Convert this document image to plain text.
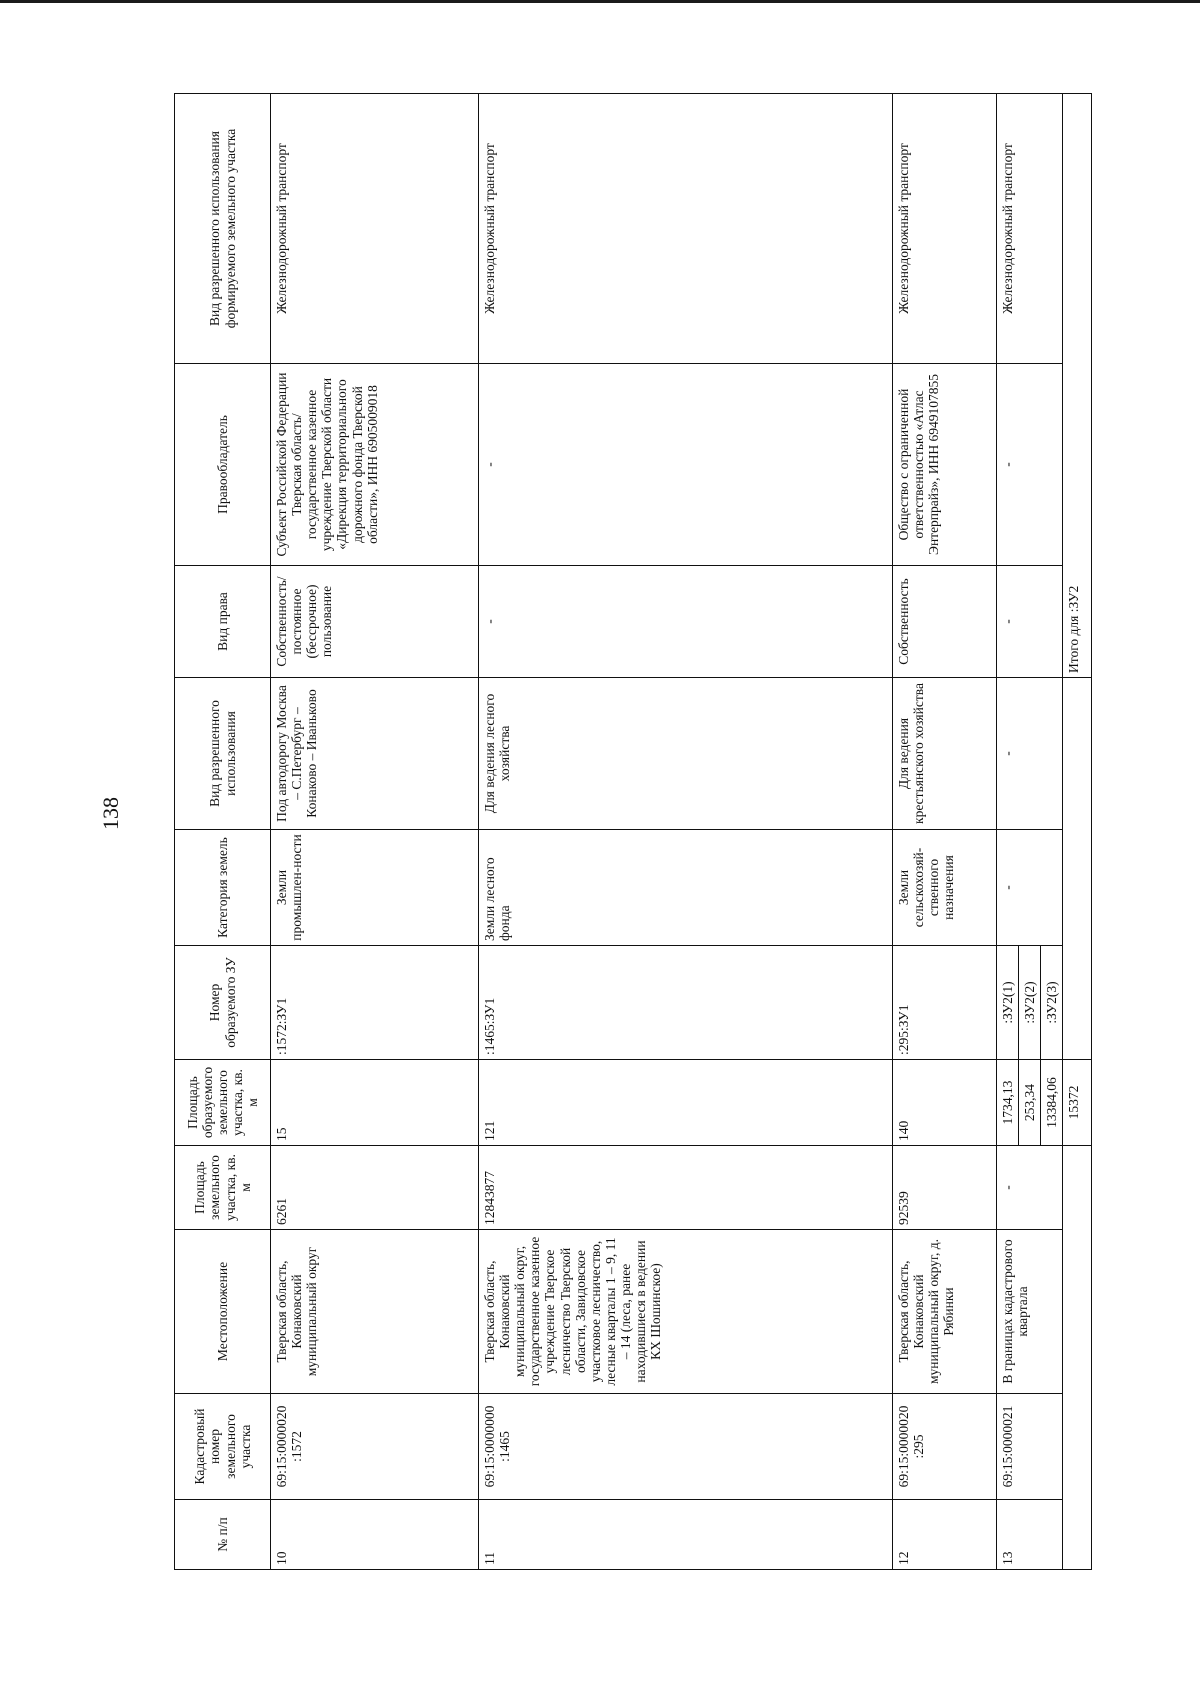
138
№ п/п	Кадастровый номер земельного участка	Местоположение	Площадь земельного участка, кв. м	Площадь образуемого земельного участка, кв. м	Номер образуемого ЗУ	Категория земель	Вид разрешенного использования	Вид права	Правообладатель	Вид разрешенного использования формируемого земельного участка
10	69:15:0000020 :1572	Тверская область, Конаковский муниципальный округ	6261	15	:1572:ЗУ1	Земли промышлен-ности	Под автодорогу Москва – С.Петербург – Конаково – Иваньково	Собственность/ постоянное (бессрочное) пользование	Субъект Российской Федерации Тверская область/ государственное казенное учреждение Тверской области «Дирекция территориального дорожного фонда Тверской области», ИНН 6905009018	Железнодорожный транспорт
11	69:15:0000000 :1465	Тверская область, Конаковский муниципальный округ, государственное казенное учреждение Тверское лесничество Тверской области, Завидовское участковое лесничество, лесные кварталы 1 – 9, 11 – 14 (леса, ранее находившиеся в ведении КХ Шошинское)	12843877	121	:1465:ЗУ1	Земли лесного фонда	Для ведения лесного хозяйства	-	-	Железнодорожный транспорт
12	69:15:0000020 :295	Тверская область, Конаковский муниципальный округ, д. Рябинки	92539	140	:295:ЗУ1	Земли сельскохозяй-ственного назначения	Для ведения крестьянского хозяйства	Собственность	Общество с ограниченной ответственностью «Атлас Энтерпрайз», ИНН 6949107855	Железнодорожный транспорт
13	69:15:0000021	В границах кадастрового квартала	-	1734,13	:ЗУ2(1)	-	-	-	-	Железнодорожный транспорт
				253,34	:ЗУ2(2)					
				13384,06	:ЗУ2(3)					
				15372				Итого для :ЗУ2		
